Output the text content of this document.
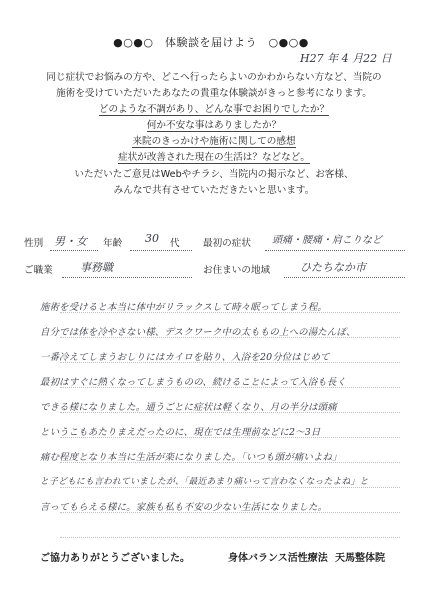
●○●○　体験談を届けよう　○●○●
H27 年 4 月22 日
同じ症状でお悩みの方や、どこへ行ったらよいのかわからない方など、当院の
施術を受けていただいたあなたの貴重な体験談がきっと参考になります。
どのような不調があり、どんな事でお困りでしたか？
何か不安な事はありましたか？
来院のきっかけや施術に関しての感想
症状が改善された現在の生活は？などなど。
いただいたご意見はWebやチラシ、当院内の掲示など、お客様、
みんなで共有させていただきたいと思います。
性別 男・女 年齢 30 代 最初の症状 頭痛・腰痛・肩こりなど
ご職業 事務職	お住まいの地域	ひたちなか市
施術を受けると本当に体中がリラックスして時々眠ってしまう程。
自分では体を冷やさない様、デスクワーク中の太ももの上への湯たんぽ、
一番冷えてしまうおしりにはカイロを貼り、入浴を20分位はじめて
最初はすぐに熱くなってしまうものの、続けることによって入浴も長く
できる様になりました。通うごとに症状は軽くなり、月の半分は頭痛
というこもあたりまえだったのに、現在では生理前などに2〜3日
痛む程度となり本当に生活が楽になりました。「いつも頭が痛いよね」
と子どもにも言われていましたが、「最近あまり痛いって言わなくなったよね」と
言ってもらえる様に。家族も私も不安の少ない生活になりました。
ご協力ありがとうございました。	身体バランス活性療法 天馬整体院
